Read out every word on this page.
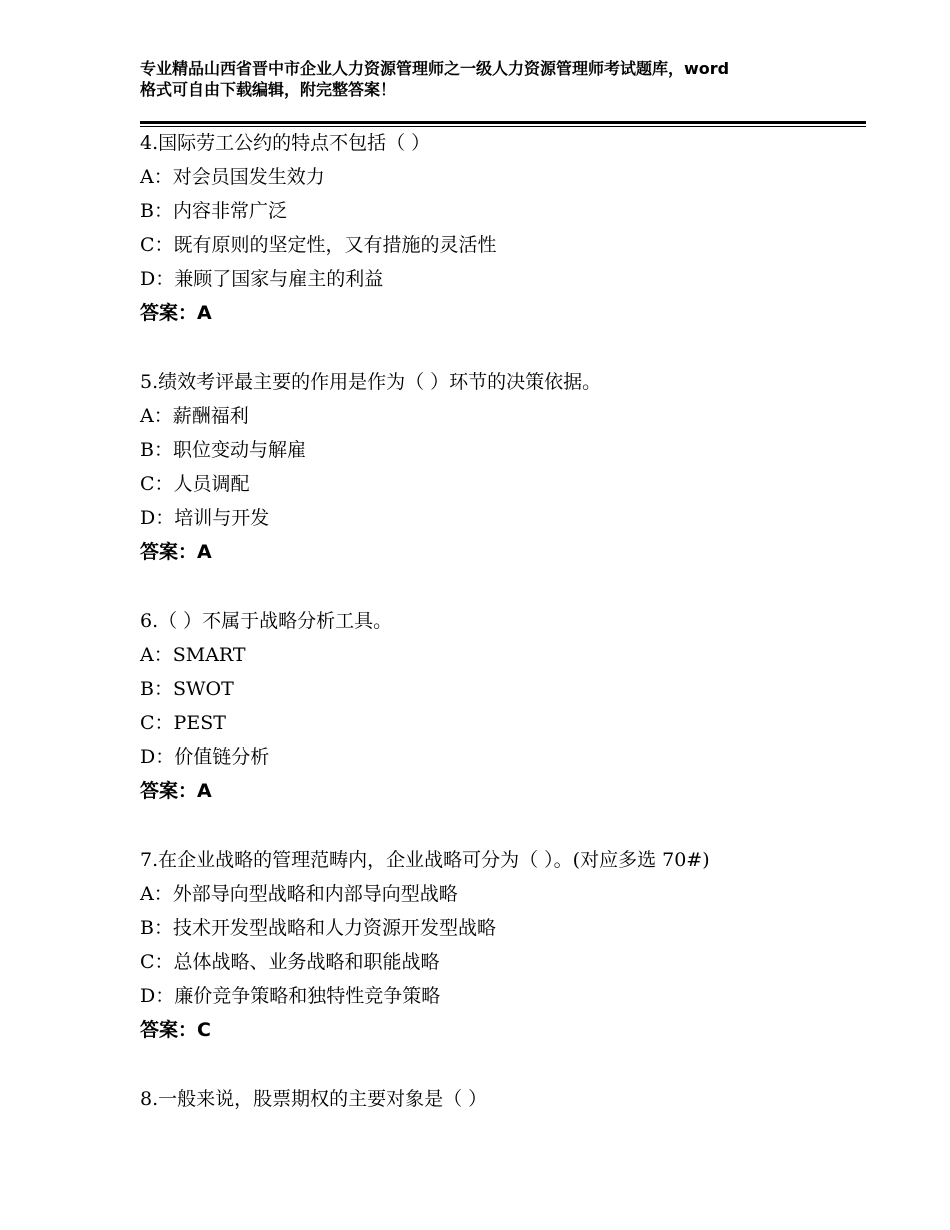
专业精品山西省晋中市企业人力资源管理师之一级人力资源管理师考试题库，word
格式可自由下载编辑，附完整答案！
4.国际劳工公约的特点不包括（ ）
A：对会员国发生效力
B：内容非常广泛
C：既有原则的坚定性，又有措施的灵活性
D：兼顾了国家与雇主的利益
答案：A
5.绩效考评最主要的作用是作为（ ）环节的决策依据。
A：薪酬福利
B：职位变动与解雇
C：人员调配
D：培训与开发
答案：A
6.（ ）不属于战略分析工具。
A：SMART
B：SWOT
C：PEST
D：价值链分析
答案：A
7.在企业战略的管理范畴内，企业战略可分为（ ）。(对应多选 70#)
A：外部导向型战略和内部导向型战略
B：技术开发型战略和人力资源开发型战略
C：总体战略、业务战略和职能战略
D：廉价竞争策略和独特性竞争策略
答案：C
8.一般来说，股票期权的主要对象是（ ）
